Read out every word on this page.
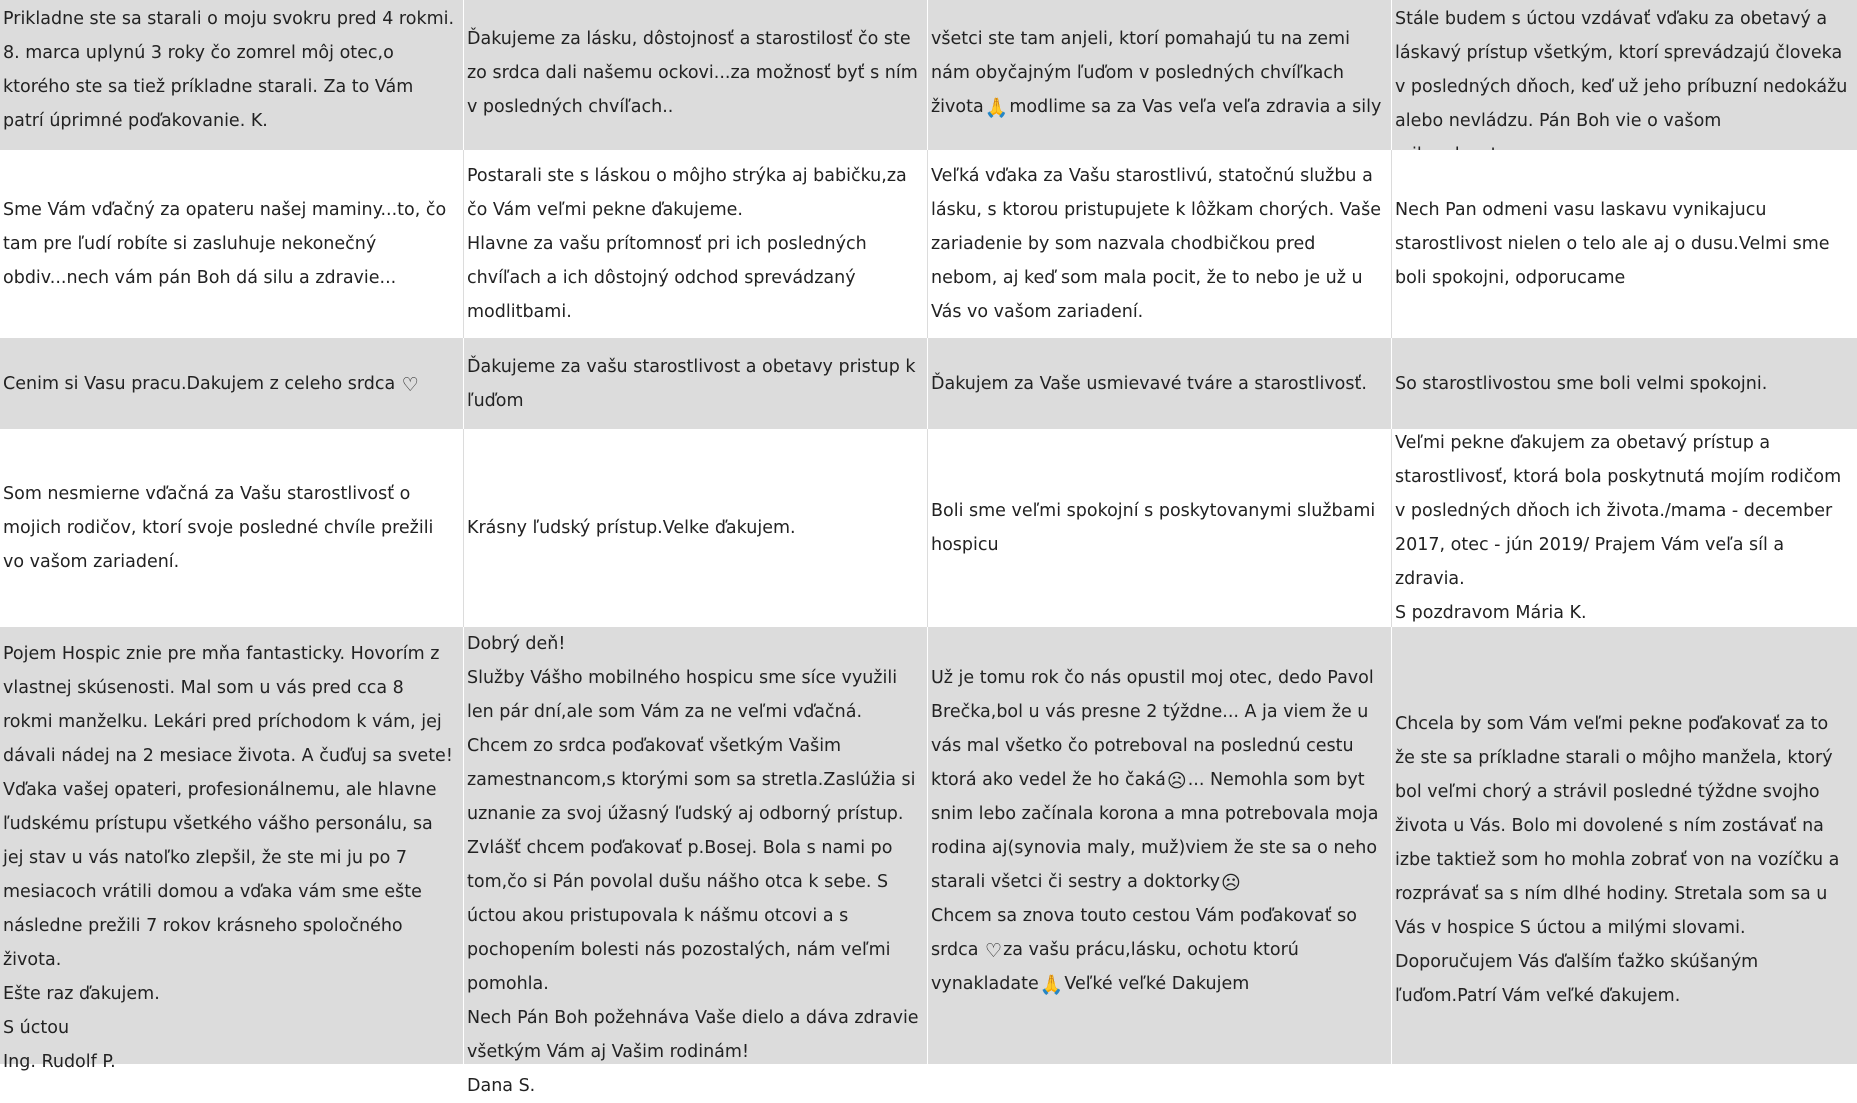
Prikladne ste sa starali o moju svokru pred 4 rokmi. 8. marca uplynú 3 roky čo zomrel môj otec,o ktorého ste sa tiež príkladne starali. Za to Vám patrí úprimné poďakovanie. K.
Ďakujeme za lásku, dôstojnosť a starostilosť čo ste zo srdca dali našemu ockovi...za možnosť byť s ním v posledných chvíľach..
všetci ste tam anjeli, ktorí pomahajú tu na zemi nám obyčajným ľuďom v posledných chvíľkach života🙏modlime sa za Vas veľa veľa zdravia a sily
Stále budem s úctou vzdávať vďaku za obetavý a láskavý prístup všetkým, ktorí sprevádzajú človeka v posledných dňoch, keď už jeho príbuzní nedokážu alebo nevládzu. Pán Boh vie o vašom
Sme Vám vďačný za opateru našej maminy...to, čo tam pre ľudí robíte si zasluhuje nekonečný obdiv...nech vám pán Boh dá silu a zdravie...
Postarali ste s láskou o môjho strýka aj babičku,za čo Vám veľmi pekne ďakujeme.
Hlavne za vašu prítomnosť pri ich posledných chvíľach a ich dôstojný odchod sprevádzaný modlitbami.
Veľká vďaka za Vašu starostlivú, statočnú službu a lásku, s ktorou pristupujete k lôžkam chorých. Vaše zariadenie by som nazvala chodbičkou pred nebom, aj keď som mala pocit, že to nebo je už u Vás vo vašom zariadení.
Nech Pan odmeni vasu laskavu vynikajucu starostlivost nielen o telo ale aj o dusu.Velmi sme boli spokojni, odporucame
Cenim si Vasu pracu.Dakujem z celeho srdca ♡
Ďakujeme za vašu starostlivost a obetavy pristup k ľuďom
Ďakujem za Vaše usmievavé tváre a starostlivosť. So starostlivostou sme boli velmi spokojni.
Som nesmierne vďačná za Vašu starostlivosť o mojich rodičov, ktorí svoje posledné chvíle prežili vo vašom zariadení.
Krásny ľudský prístup.Velke ďakujem.
Boli sme veľmi spokojní s poskytovanymi službami hospicu
Veľmi pekne ďakujem za obetavý prístup a starostlivosť, ktorá bola poskytnutá mojím rodičom v posledných dňoch ich života./mama - december 2017, otec - jún 2019/ Prajem Vám veľa síl a zdravia.
S pozdravom Mária K.
Pojem Hospic znie pre mňa fantasticky. Hovorím z vlastnej skúsenosti. Mal som u vás pred cca 8 rokmi manželku. Lekári pred príchodom k vám, jej dávali nádej na 2 mesiace života. A čuďuj sa svete! Vďaka vašej opateri, profesionálnemu, ale hlavne ľudskému prístupu všetkého vášho personálu, sa jej stav u vás natoľko zlepšil, že ste mi ju po 7 mesiacoch vrátili domou a vďaka vám sme ešte následne prežili 7 rokov krásneho spoločného života.
Ešte raz ďakujem.
S úctou
Ing. Rudolf P.
Dobrý deň!
Služby Vášho mobilného hospicu sme síce využili len pár dní,ale som Vám za ne veľmi vďačná. Chcem zo srdca poďakovať všetkým Vašim zamestnancom,s ktorými som sa stretla.Zaslúžia si uznanie za svoj úžasný ľudský aj odborný prístup. Zvlášť chcem poďakovať p.Bosej. Bola s nami po tom,čo si Pán povolal dušu nášho otca k sebe. S úctou akou pristupovala k nášmu otcovi a s pochopením bolesti nás pozostalých, nám veľmi pomohla.
Nech Pán Boh požehnáva Vaše dielo a dáva zdravie všetkým Vám aj Vašim rodinám!
Dana S.
Už je tomu rok čo nás opustil moj otec, dedo Pavol Brečka,bol u vás presne 2 týždne... A ja viem že u vás mal všetko čo potreboval na poslednú cestu ktorá ako vedel že ho čaká☹... Nemohla som byt snim lebo začínala korona a mna potrebovala moja rodina aj(synovia maly, muž)viem že ste sa o neho starali všetci či sestry a doktorky☹
Chcem sa znova touto cestou Vám poďakovať so srdca ♡za vašu prácu,lásku, ochotu ktorú vynakladate🙏Veľké veľké Dakujem
Chcela by som Vám veľmi pekne poďakovať za to že ste sa príkladne starali o môjho manžela, ktorý bol veľmi chorý a strávil posledné týždne svojho života u Vás. Bolo mi dovolené s ním zostávať na izbe taktiež som ho mohla zobrať von na vozíčku a rozprávať sa s ním dlhé hodiny. Stretala som sa u Vás v hospice S úctou a milými slovami. Doporučujem Vás ďalším ťažko skúšaným ľuďom.Patrí Vám veľké ďakujem.
